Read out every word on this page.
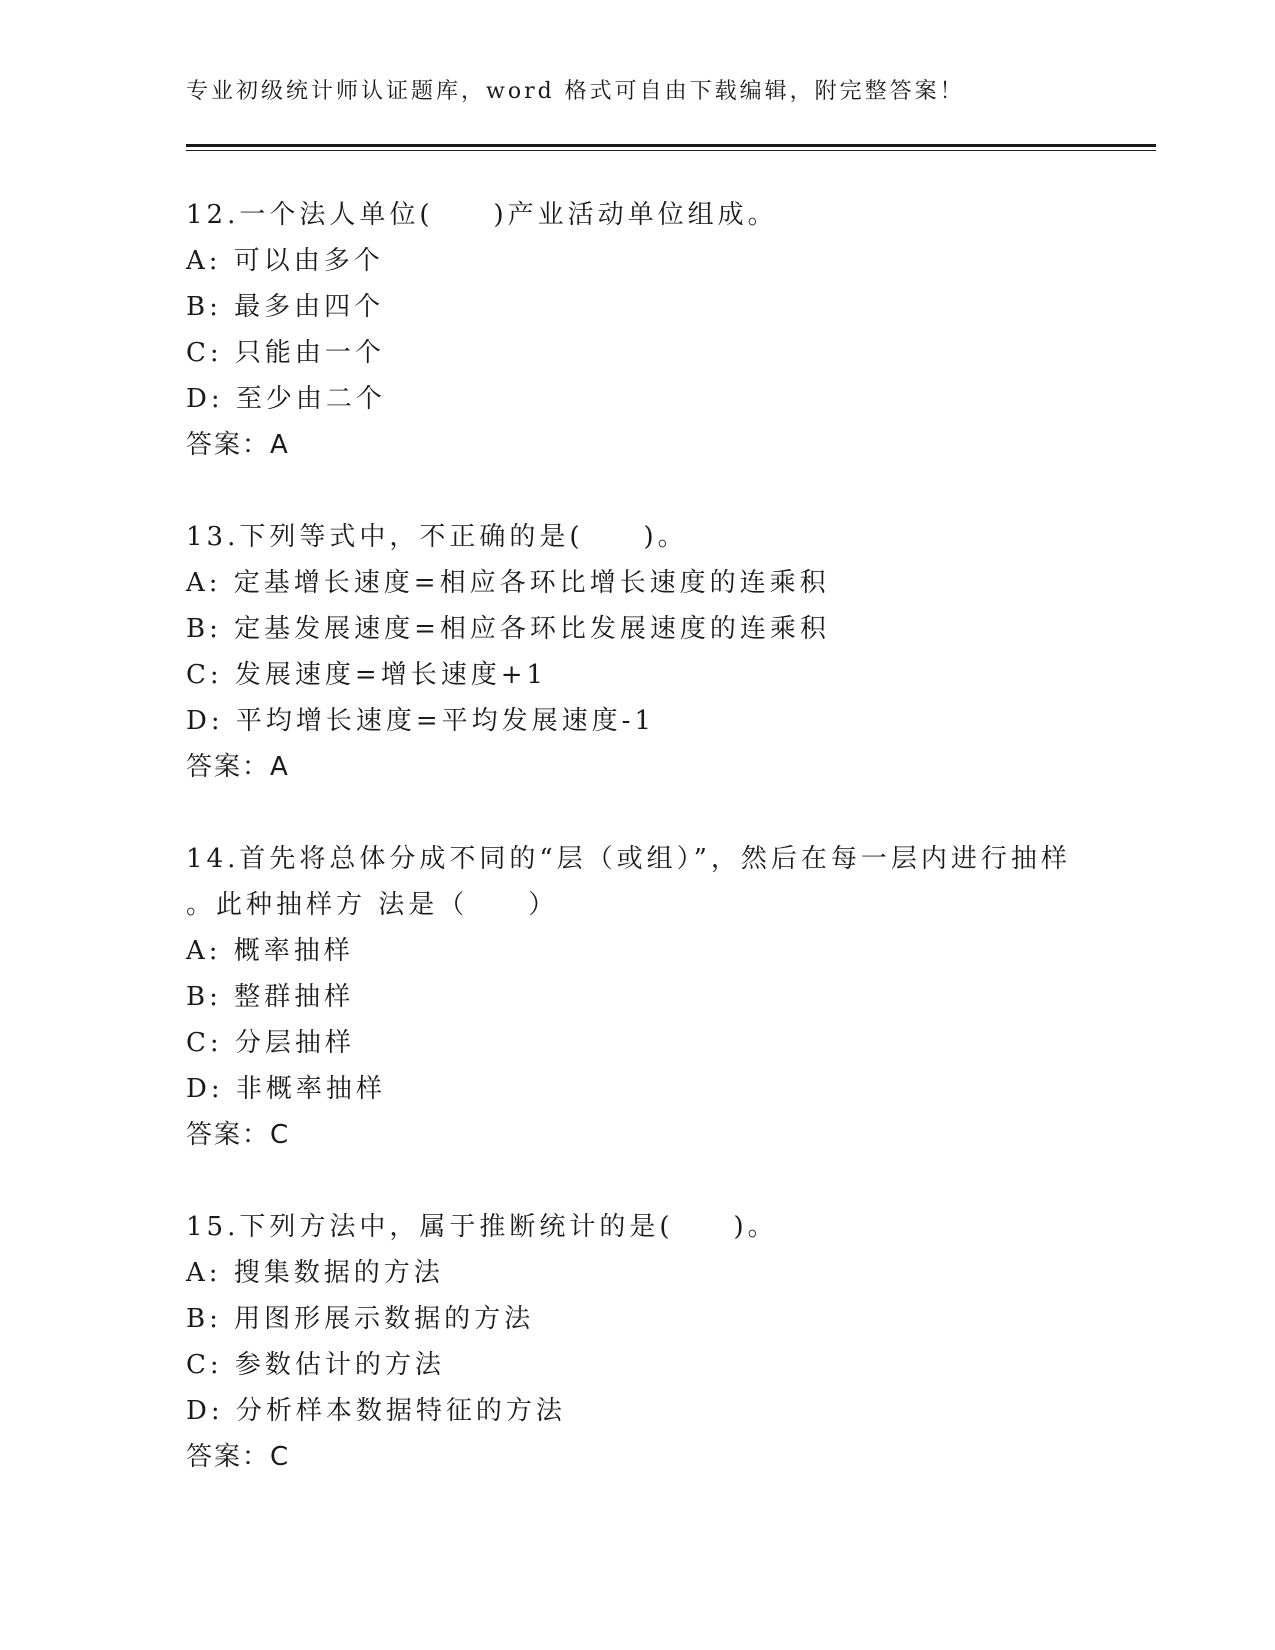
专业初级统计师认证题库，word 格式可自由下载编辑，附完整答案！
12.一个法人单位(　　)产业活动单位组成。
A: 可以由多个
B: 最多由四个
C: 只能由一个
D: 至少由二个
答案：A
13.下列等式中，不正确的是(　　)。
A: 定基增长速度=相应各环比增长速度的连乘积
B: 定基发展速度=相应各环比发展速度的连乘积
C: 发展速度=增长速度+1
D: 平均增长速度=平均发展速度-1
答案：A
14.首先将总体分成不同的“层（或组）”，然后在每一层内进行抽样
。此种抽样方 法是（　　）
A: 概率抽样
B: 整群抽样
C: 分层抽样
D: 非概率抽样
答案：C
15.下列方法中，属于推断统计的是(　　)。
A: 搜集数据的方法
B: 用图形展示数据的方法
C: 参数估计的方法
D: 分析样本数据特征的方法
答案：C
